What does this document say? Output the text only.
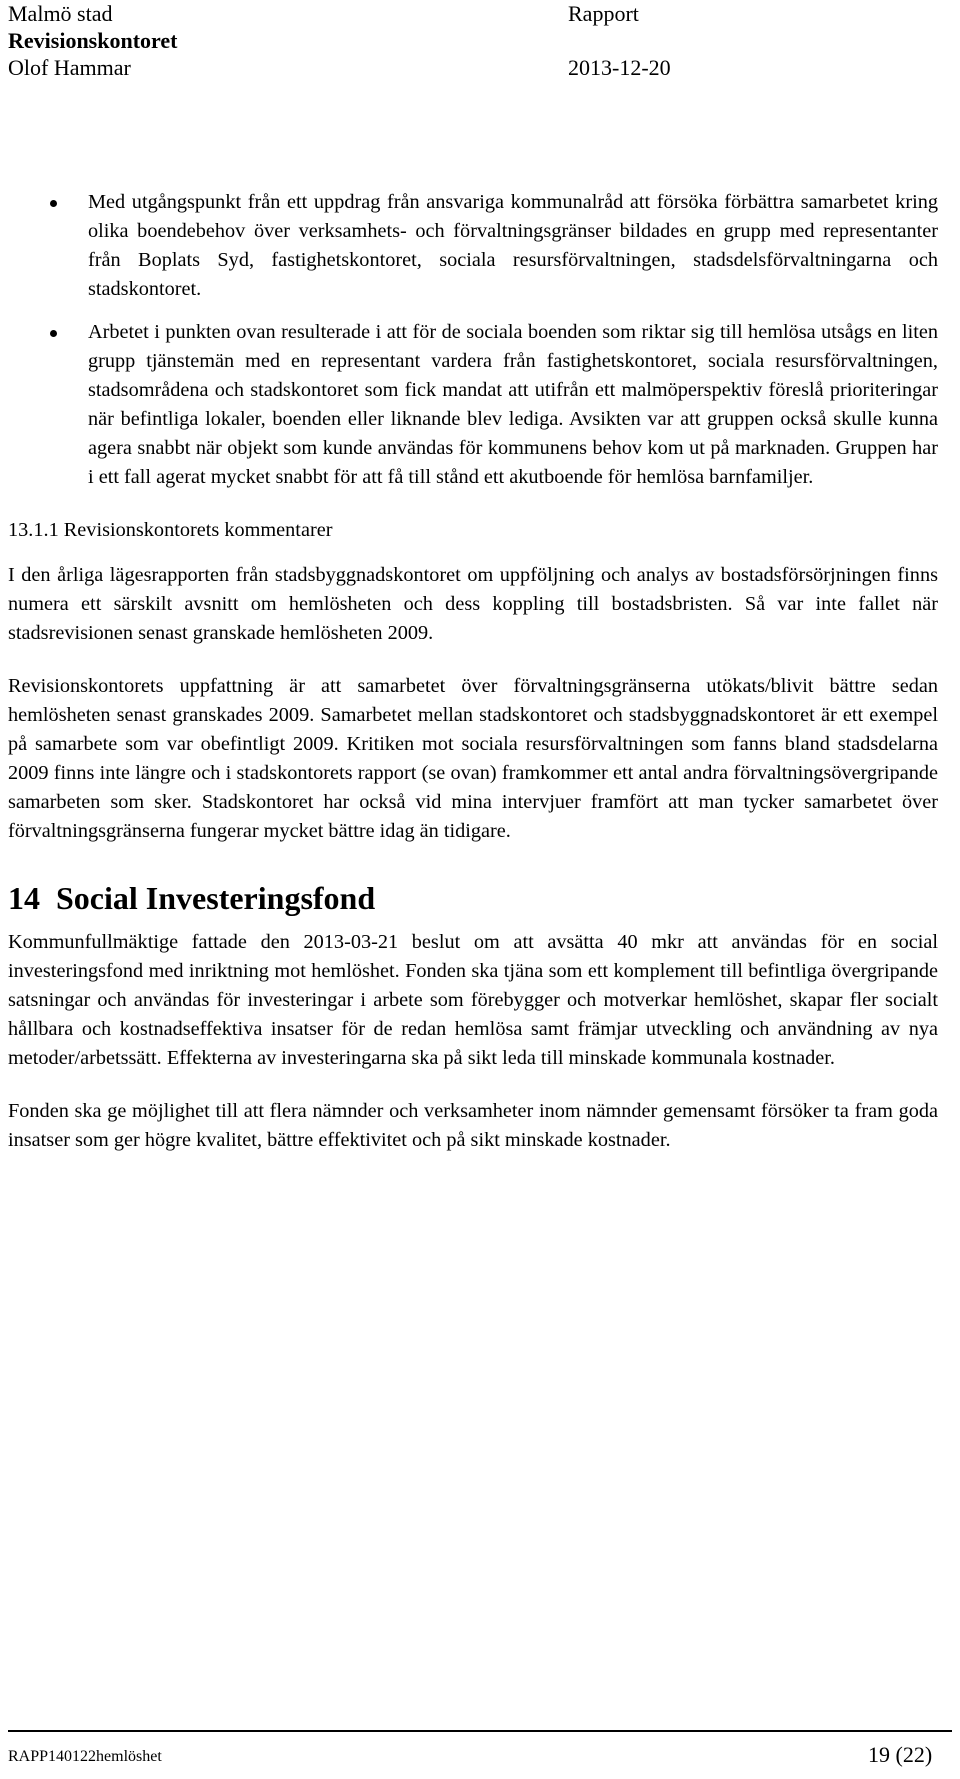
Malmö stad
Revisionskontoret
Olof Hammar
Rapport

2013-12-20
Med utgångspunkt från ett uppdrag från ansvariga kommunalråd att försöka förbättra samarbetet kring olika boendebehov över verksamhets- och förvaltningsgränser bildades en grupp med representanter från Boplats Syd, fastighetskontoret, sociala resursförvaltningen, stadsdelsförvaltningarna och stadskontoret.
Arbetet i punkten ovan resulterade i att för de sociala boenden som riktar sig till hemlösa utsågs en liten grupp tjänstemän med en representant vardera från fastighetskontoret, sociala resursförvaltningen, stadsområdena och stadskontoret som fick mandat att utifrån ett malmöperspektiv föreslå prioriteringar när befintliga lokaler, boenden eller liknande blev lediga. Avsikten var att gruppen också skulle kunna agera snabbt när objekt som kunde användas för kommunens behov kom ut på marknaden. Gruppen har i ett fall agerat mycket snabbt för att få till stånd ett akutboende för hemlösa barnfamiljer.
13.1.1 Revisionskontorets kommentarer

I den årliga lägesrapporten från stadsbyggnadskontoret om uppföljning och analys av bostadsförsörjningen finns numera ett särskilt avsnitt om hemlösheten och dess koppling till bostadsbristen. Så var inte fallet när stadsrevisionen senast granskade hemlösheten 2009.

Revisionskontorets uppfattning är att samarbetet över förvaltningsgränserna utökats/blivit bättre sedan hemlösheten senast granskades 2009. Samarbetet mellan stadskontoret och stadsbyggnadskontoret är ett exempel på samarbete som var obefintligt 2009. Kritiken mot sociala resursförvaltningen som fanns bland stadsdelarna 2009 finns inte längre och i stadskontorets rapport (se ovan) framkommer ett antal andra förvaltningsövergripande samarbeten som sker. Stadskontoret har också vid mina intervjuer framfört att man tycker samarbetet över förvaltningsgränserna fungerar mycket bättre idag än tidigare.

14 Social Investeringsfond

Kommunfullmäktige fattade den 2013-03-21 beslut om att avsätta 40 mkr att användas för en social investeringsfond med inriktning mot hemlöshet. Fonden ska tjäna som ett komplement till befintliga övergripande satsningar och användas för investeringar i arbete som förebygger och motverkar hemlöshet, skapar fler socialt hållbara och kostnadseffektiva insatser för de redan hemlösa samt främjar utveckling och användning av nya metoder/arbetssätt. Effekterna av investeringarna ska på sikt leda till minskade kommunala kostnader.

Fonden ska ge möjlighet till att flera nämnder och verksamheter inom nämnder gemensamt försöker ta fram goda insatser som ger högre kvalitet, bättre effektivitet och på sikt minskade kostnader.

RAPP140122hemlöshet	19 (22)
